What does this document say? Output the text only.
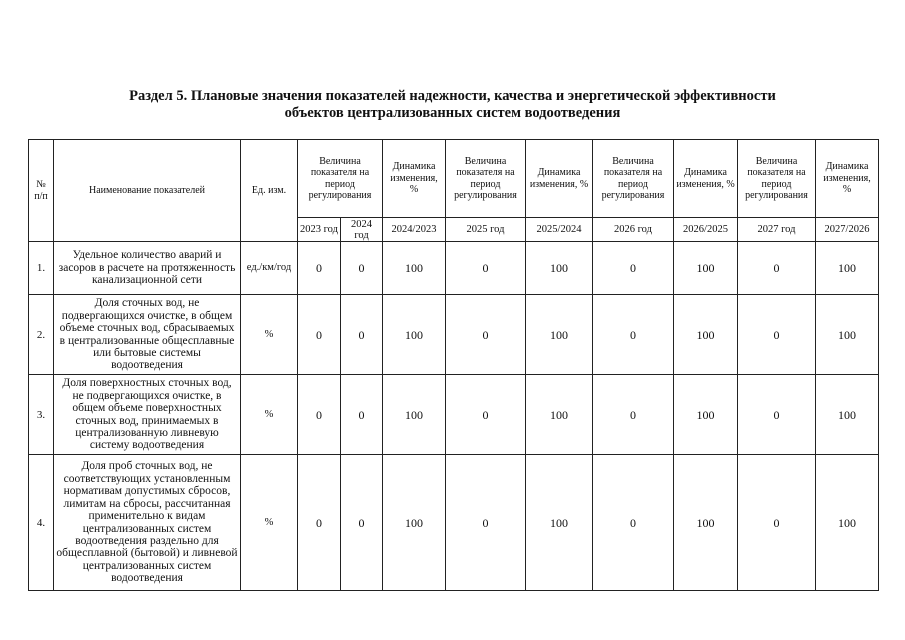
Раздел 5. Плановые значения показателей надежности, качества и энергетической эффективности
объектов централизованных систем водоотведения
№ п/п	Наименование показателей	Ед. изм.	Величина показателя на период регулирования		Динамика изменения, %	Величина показателя на период регулирования	Динамика изменения, %	Величина показателя на период регулирования	Динамика изменения, %	Величина показателя на период регулирования	Динамика изменения, %
			2023 год	2024 год	2024/2023	2025 год	2025/2024	2026 год	2026/2025	2027 год	2027/2026
1.	Удельное количество аварий и засоров в расчете на протяженность канализационной сети	ед./км/год	0	0	100	0	100	0	100	0	100
2.	Доля сточных вод, не подвергающихся очистке, в общем объеме сточных вод, сбрасываемых в централизованные общесплавные или бытовые системы водоотведения	%	0	0	100	0	100	0	100	0	100
3.	Доля поверхностных сточных вод, не подвергающихся очистке, в общем объеме поверхностных сточных вод, принимаемых в централизованную ливневую систему водоотведения	%	0	0	100	0	100	0	100	0	100
4.	Доля проб сточных вод, не соответствующих установленным нормативам допустимых сбросов, лимитам на сбросы, рассчитанная применительно к видам централизованных систем водоотведения раздельно для общесплавной (бытовой) и ливневой централизованных систем водоотведения	%	0	0	100	0	100	0	100	0	100
